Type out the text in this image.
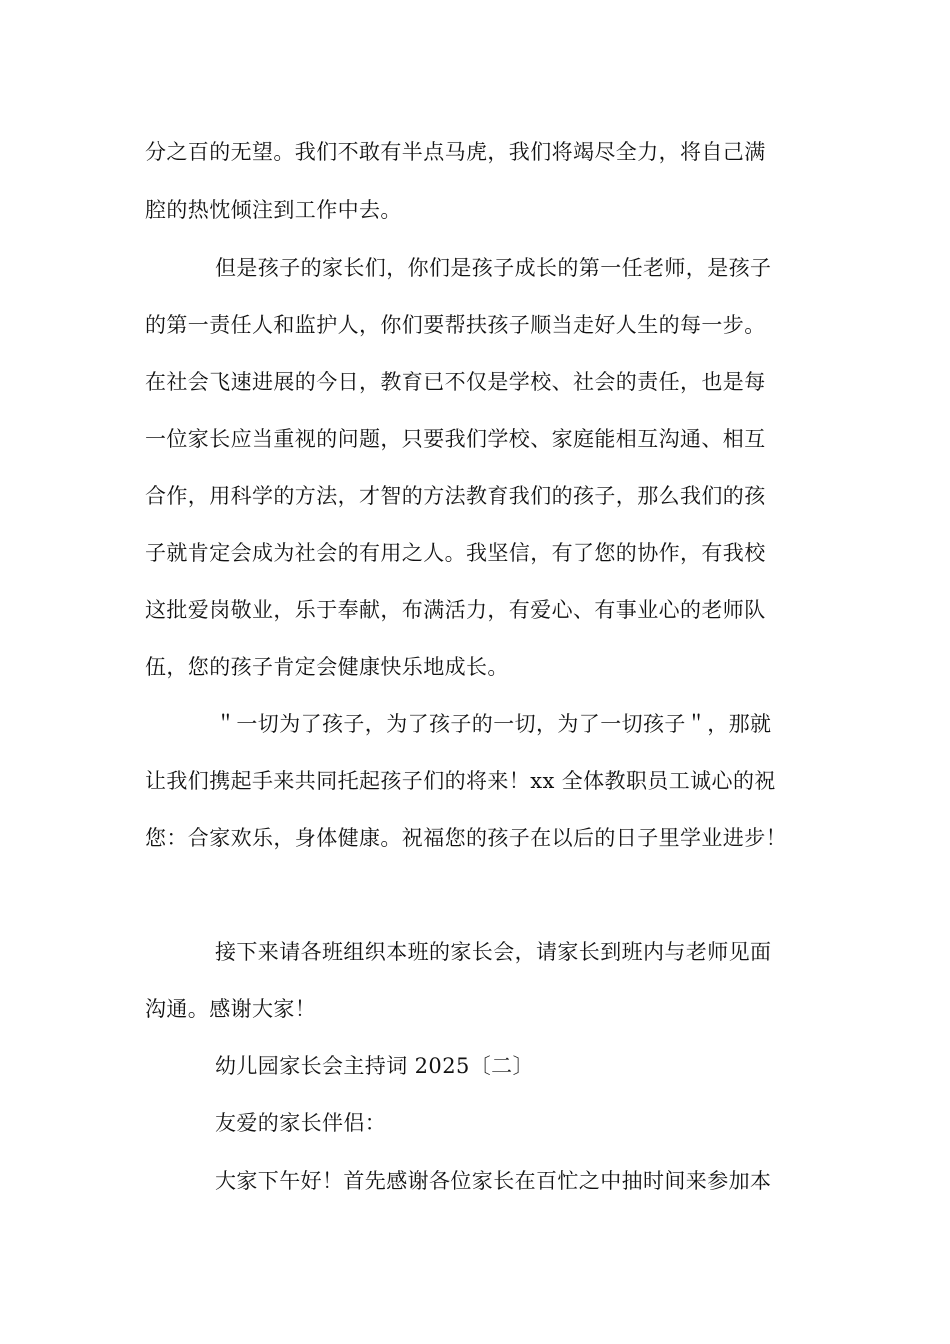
分之百的无望。我们不敢有半点马虎，我们将竭尽全力，将自己满
腔的热忱倾注到工作中去。
但是孩子的家长们，你们是孩子成长的第一任老师，是孩子
的第一责任人和监护人，你们要帮扶孩子顺当走好人生的每一步。
在社会飞速进展的今日，教育已不仅是学校、社会的责任，也是每
一位家长应当重视的问题，只要我们学校、家庭能相互沟通、相互
合作，用科学的方法，才智的方法教育我们的孩子，那么我们的孩
子就肯定会成为社会的有用之人。我坚信，有了您的协作，有我校
这批爱岗敬业，乐于奉献，布满活力，有爱心、有事业心的老师队
伍，您的孩子肯定会健康快乐地成长。
＂一切为了孩子，为了孩子的一切，为了一切孩子＂，那就
让我们携起手来共同托起孩子们的将来！xx 全体教职员工诚心的祝
您：合家欢乐，身体健康。祝福您的孩子在以后的日子里学业进步！
接下来请各班组织本班的家长会，请家长到班内与老师见面
沟通。感谢大家！
幼儿园家长会主持词 2025〔二〕
友爱的家长伴侣：
大家下午好！首先感谢各位家长在百忙之中抽时间来参加本
